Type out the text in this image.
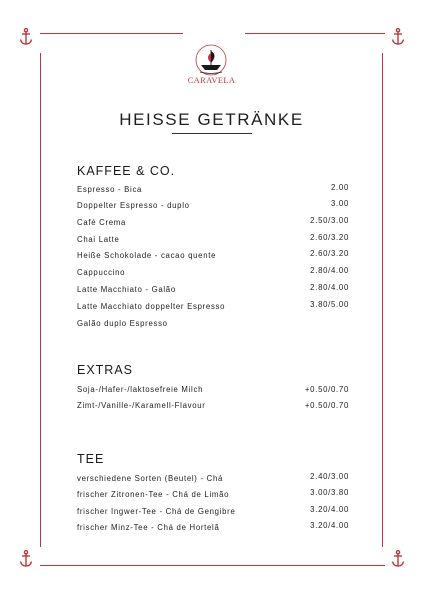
CARAVELA
HEISSE GETRÄNKE
KAFFEE & CO.
Espresso - Bica	2.00
Doppelter Espresso - duplo	3.00
Café Crema	2.50/3.00
Chai Latte	2.60/3.20
Heiße Schokolade - cacao quente	2.60/3.20
Cappuccino	2.80/4.00
Latte Macchiato - Galão	2.80/4.00
Latte Macchiato doppelter Espresso	3.80/5.00
Galão duplo Espresso
EXTRAS
Soja-/Hafer-/laktosefreie Milch	+0.50/0.70
Zimt-/Vanille-/Karamell-Flavour	+0.50/0.70
TEE
verschiedene Sorten (Beutel) - Chá	2.40/3.00
frischer Zitronen-Tee - Chá de Limão	3.00/3.80
frischer Ingwer-Tee - Chá de Gengibre	3.20/4.00
frischer Minz-Tee - Chá de Hortelã	3.20/4.00
